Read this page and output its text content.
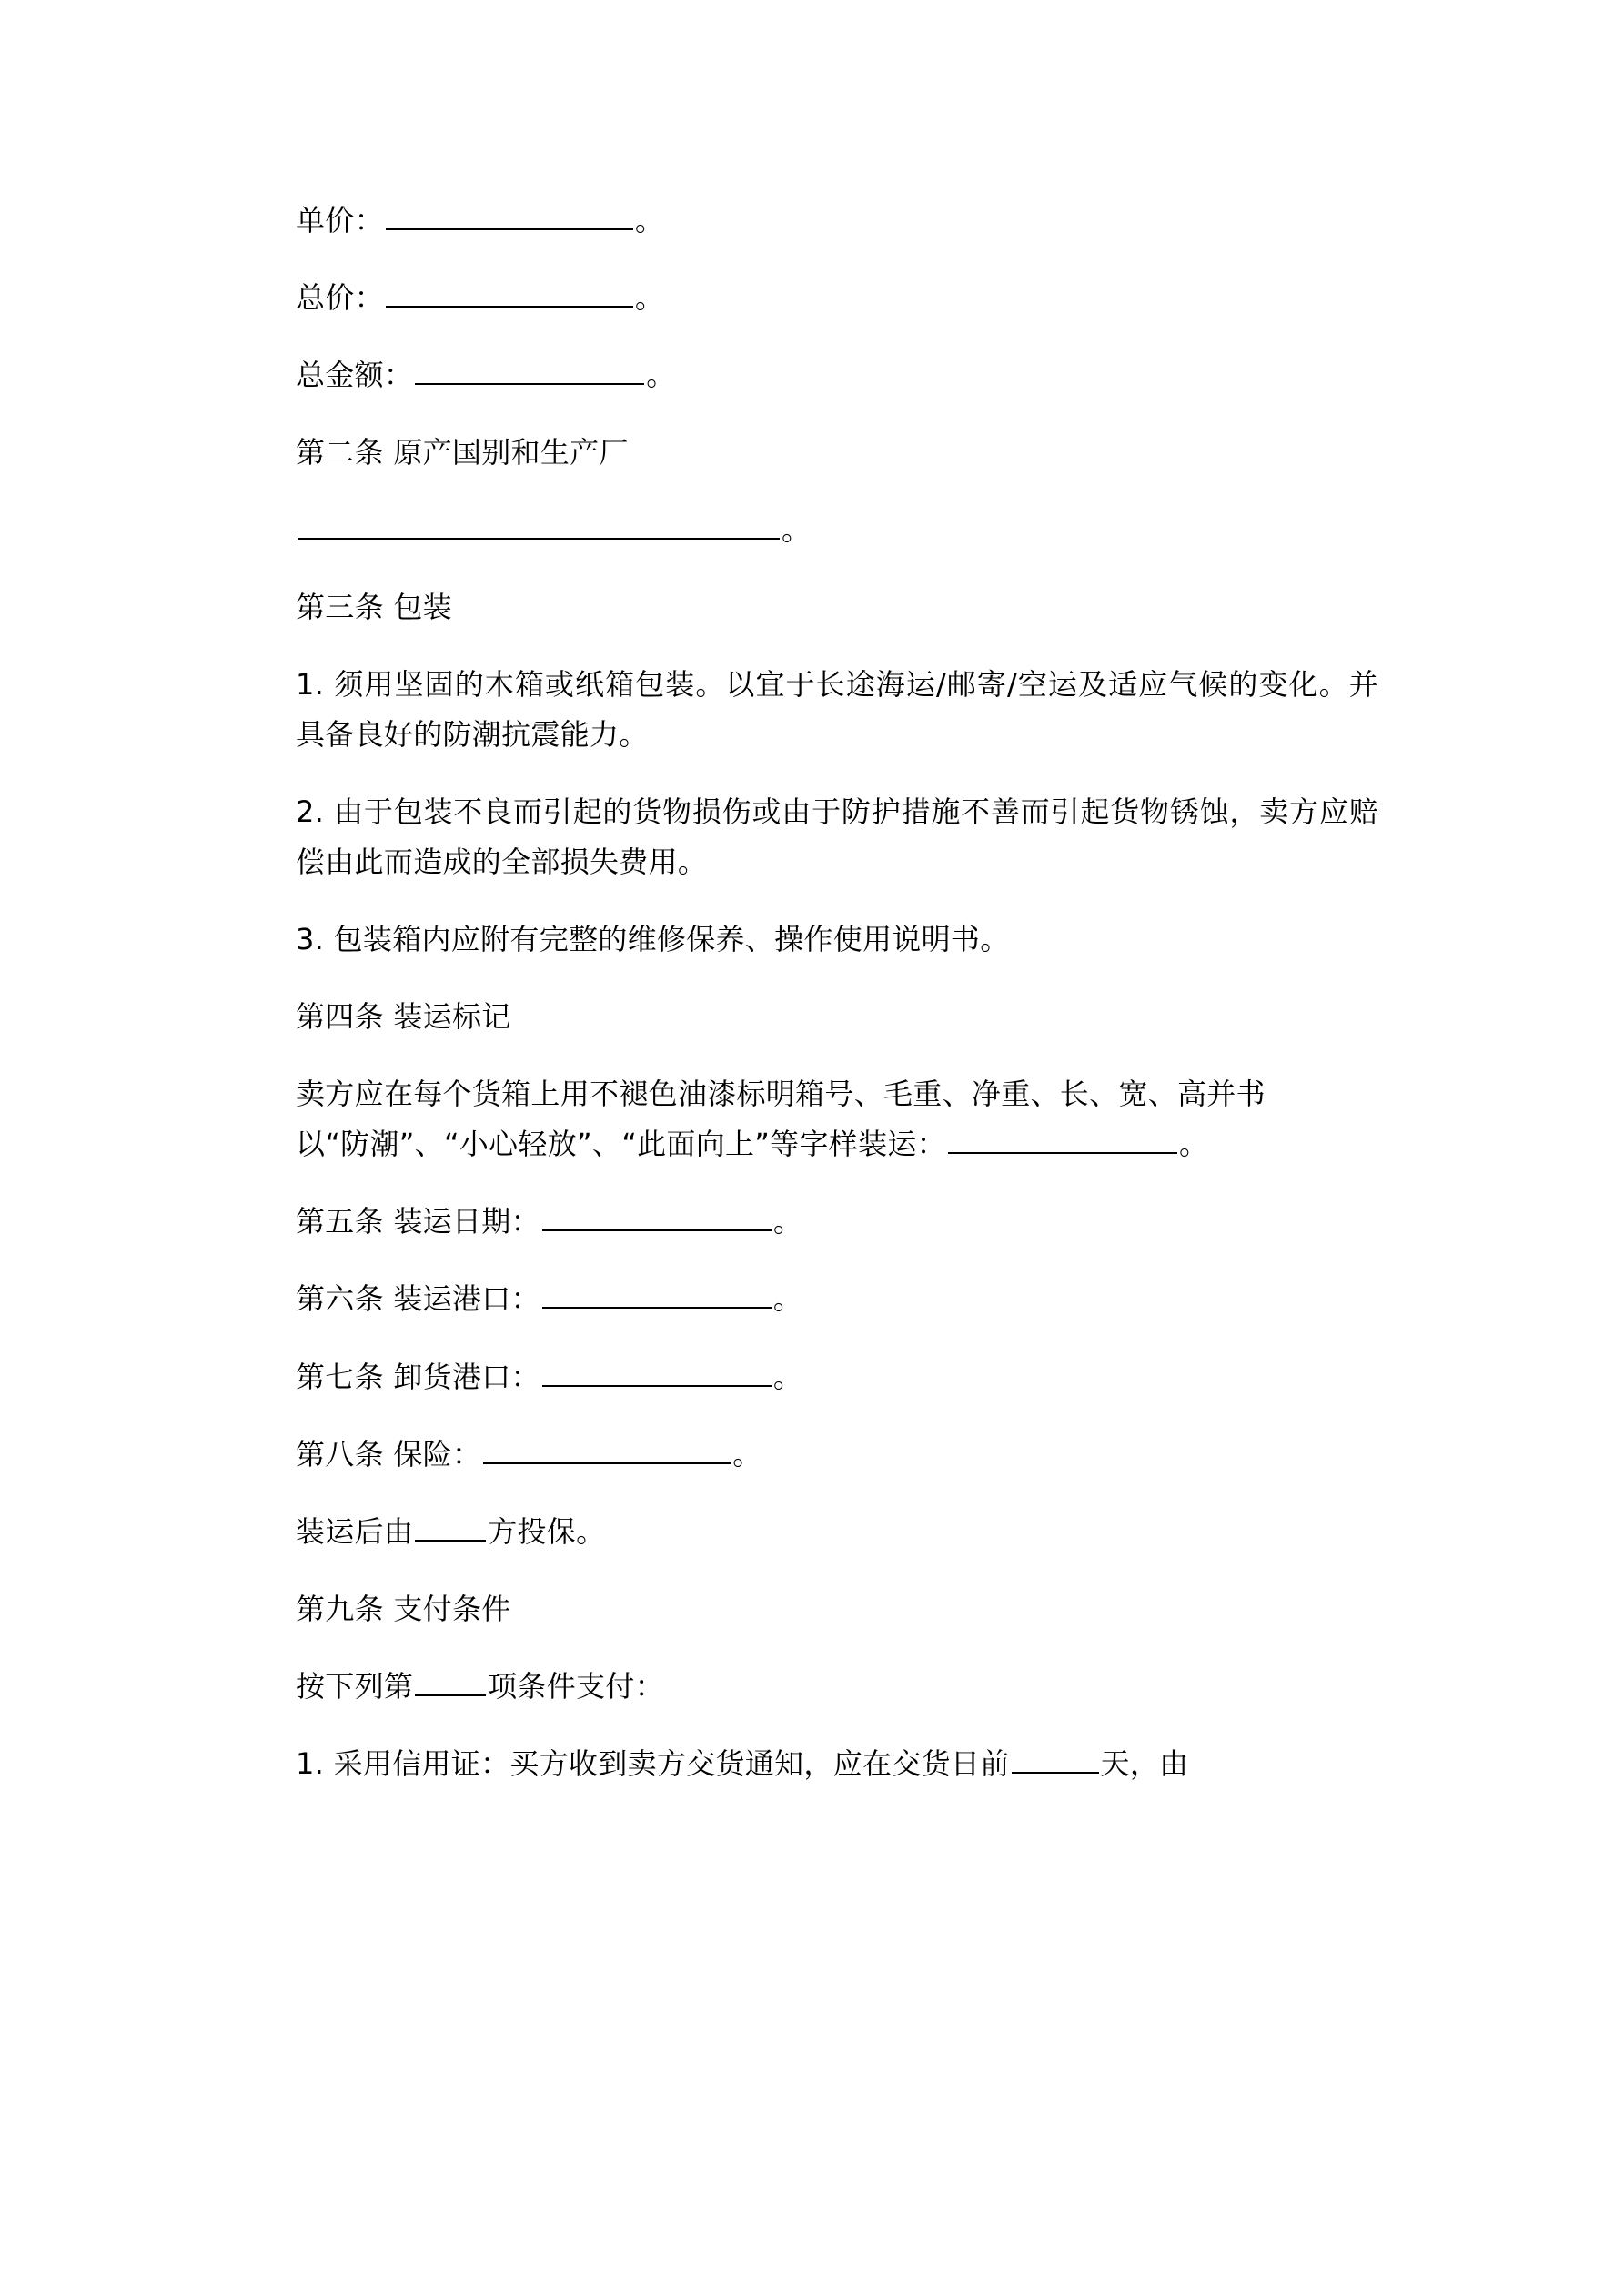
单价：	。

总价：	。

总金额：	。

第二条 原产国别和生产厂

。

第三条 包装

1. 须用坚固的木箱或纸箱包装。以宜于长途海运/邮寄/空运及适应气候的变化。并具备良好的防潮抗震能力。

2. 由于包装不良而引起的货物损伤或由于防护措施不善而引起货物锈蚀，卖方应赔偿由此而造成的全部损失费用。

3. 包装箱内应附有完整的维修保养、操作使用说明书。

第四条 装运标记

卖方应在每个货箱上用不褪色油漆标明箱号、毛重、净重、长、宽、高并书
以“防潮”、“小心轻放”、“此面向上”等字样装运：	。

第五条 装运日期：	。

第六条 装运港口：	。

第七条 卸货港口：	。

第八条 保险：	。

装运后由	方投保。

第九条 支付条件

按下列第	项条件支付：

1. 采用信用证：买方收到卖方交货通知，应在交货日前	天，由
